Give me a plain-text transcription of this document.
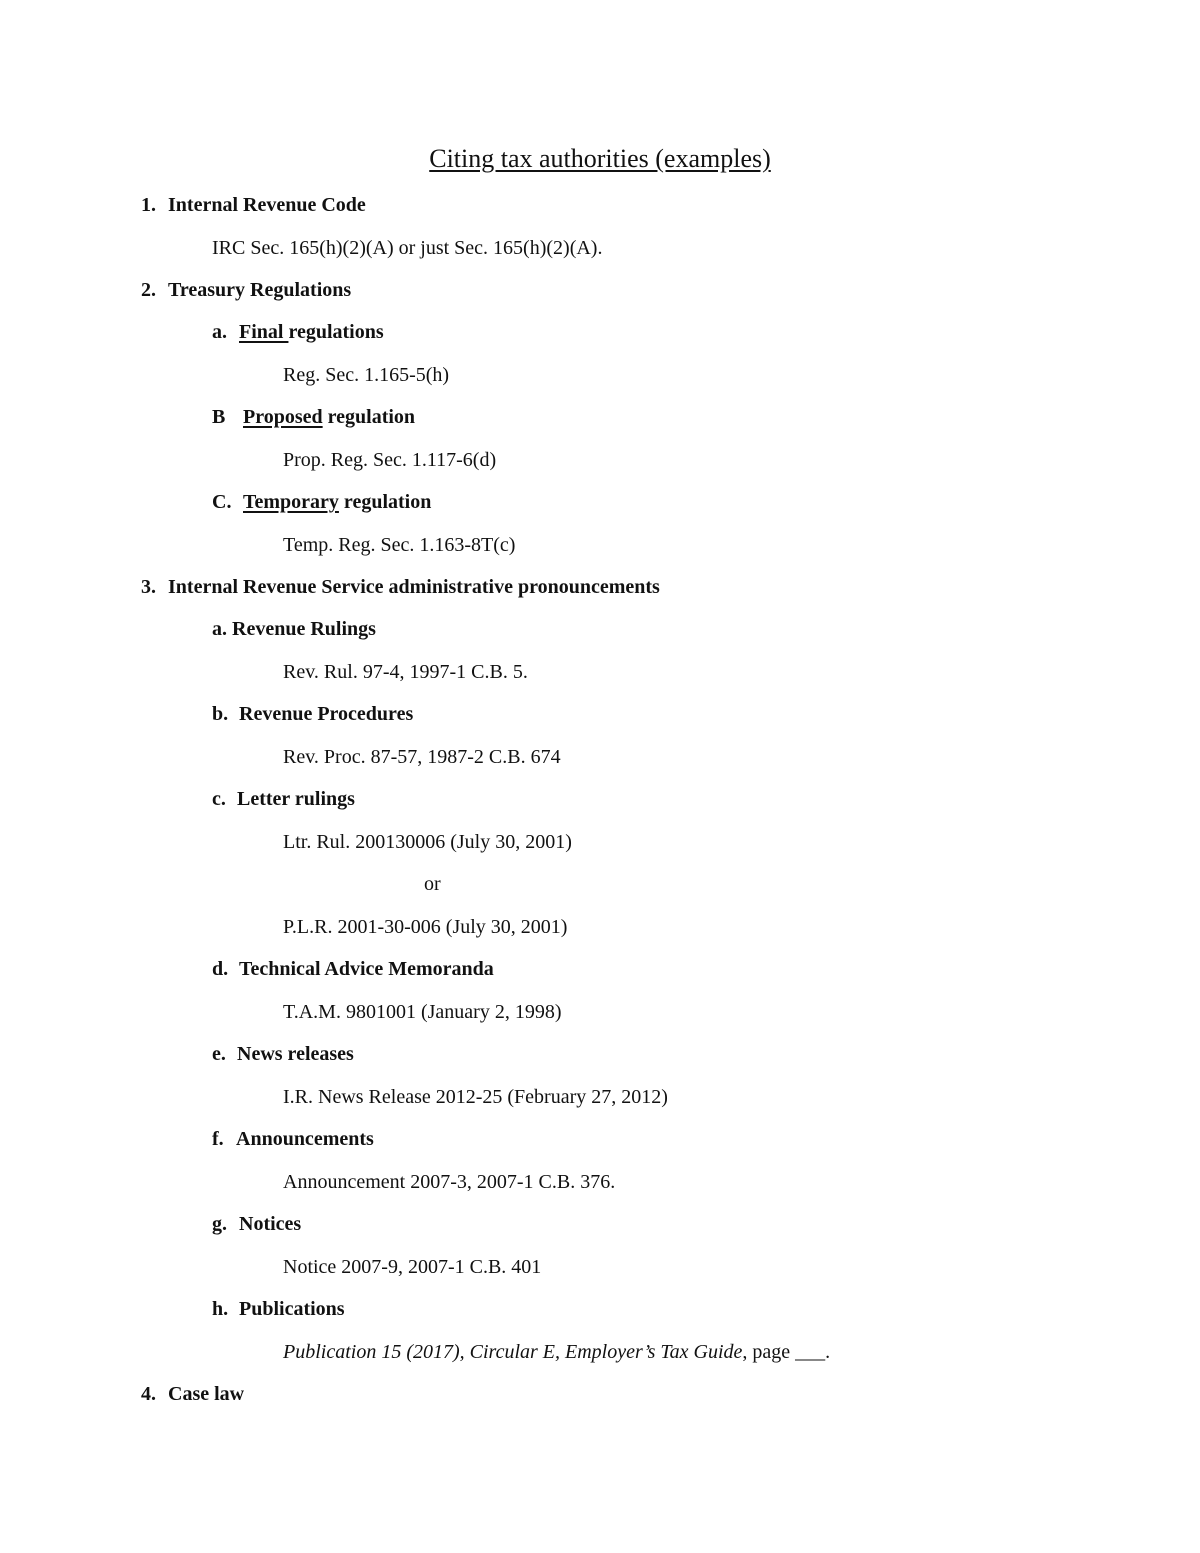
Citing tax authorities (examples)
1. Internal Revenue Code
IRC Sec. 165(h)(2)(A) or just Sec. 165(h)(2)(A).
2. Treasury Regulations
a. Final regulations
Reg. Sec. 1.165-5(h)
B Proposed regulation
Prop. Reg. Sec. 1.117-6(d)
C. Temporary regulation
Temp. Reg. Sec. 1.163-8T(c)
3. Internal Revenue Service administrative pronouncements
a. Revenue Rulings
Rev. Rul. 97-4, 1997-1 C.B. 5.
b. Revenue Procedures
Rev. Proc. 87-57, 1987-2 C.B. 674
c. Letter rulings
Ltr. Rul. 200130006 (July 30, 2001)
or
P.L.R. 2001-30-006 (July 30, 2001)
d. Technical Advice Memoranda
T.A.M. 9801001 (January 2, 1998)
e. News releases
I.R. News Release 2012-25 (February 27, 2012)
f. Announcements
Announcement 2007-3, 2007-1 C.B. 376.
g. Notices
Notice 2007-9, 2007-1 C.B. 401
h. Publications
Publication 15 (2017), Circular E, Employer’s Tax Guide, page ___.
4. Case law
